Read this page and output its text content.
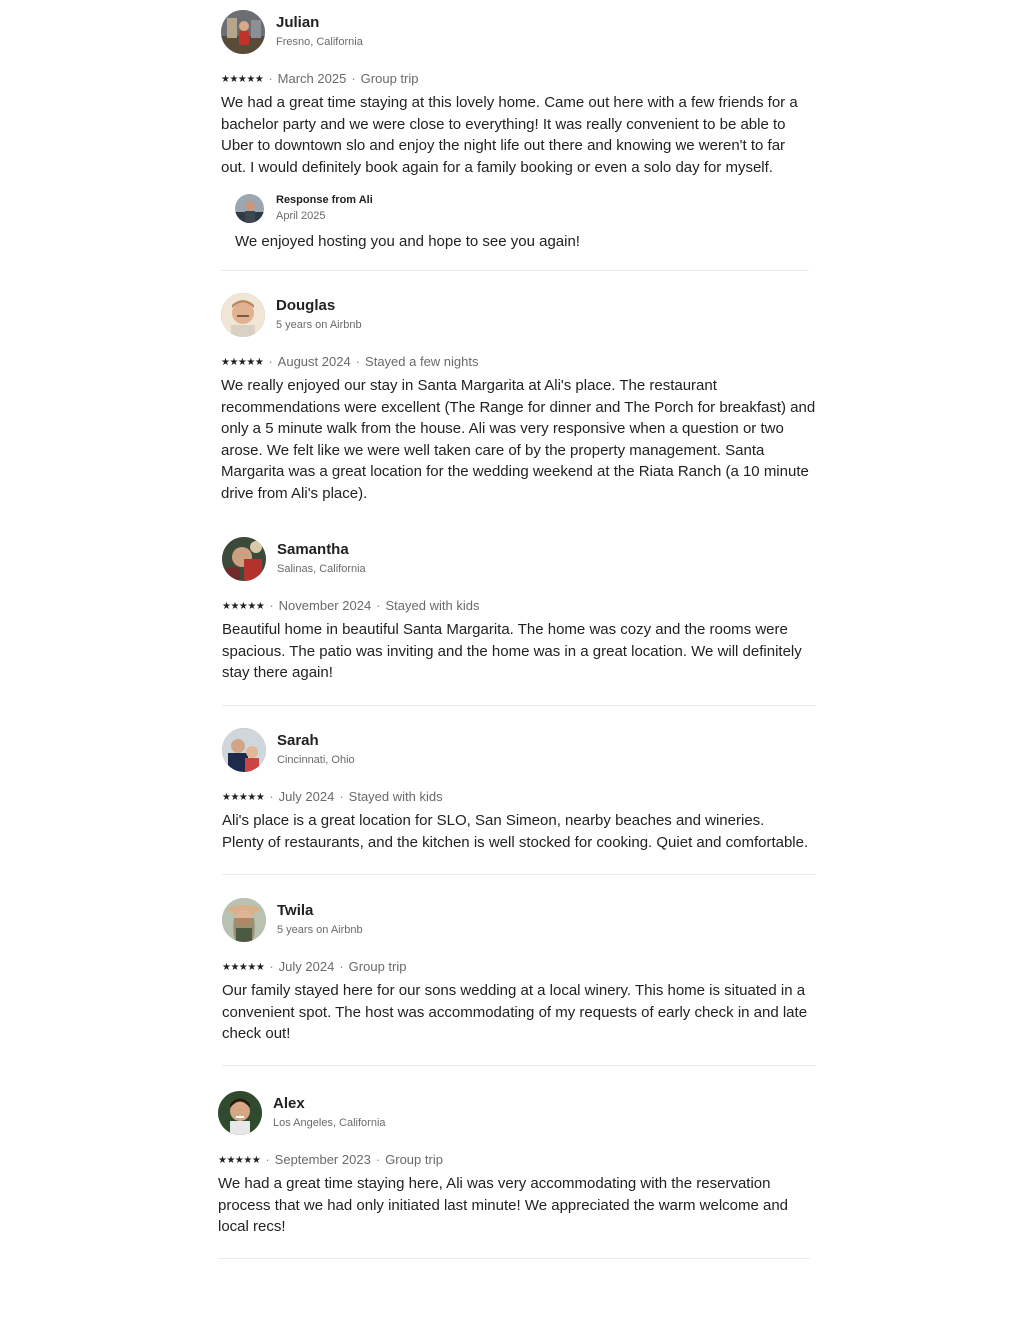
Julian
Fresno, California
★★★★★ · March 2025 · Group trip
We had a great time staying at this lovely home. Came out here with a few friends for a
bachelor party and we were close to everything! It was really convenient to be able to
Uber to downtown slo and enjoy the night life out there and knowing we weren't to far
out. I would definitely book again for a family booking or even a solo day for myself.
Response from Ali
April 2025
We enjoyed hosting you and hope to see you again!
Douglas
5 years on Airbnb
★★★★★ · August 2024 · Stayed a few nights
We really enjoyed our stay in Santa Margarita at Ali's place. The restaurant
recommendations were excellent (The Range for dinner and The Porch for breakfast) and
only a 5 minute walk from the house. Ali was very responsive when a question or two
arose. We felt like we were well taken care of by the property management. Santa
Margarita was a great location for the wedding weekend at the Riata Ranch (a 10 minute
drive from Ali's place).
Samantha
Salinas, California
★★★★★ · November 2024 · Stayed with kids
Beautiful home in beautiful Santa Margarita. The home was cozy and the rooms were
spacious. The patio was inviting and the home was in a great location. We will definitely
stay there again!
Sarah
Cincinnati, Ohio
★★★★★ · July 2024 · Stayed with kids
Ali's place is a great location for SLO, San Simeon, nearby beaches and wineries.
Plenty of restaurants, and the kitchen is well stocked for cooking. Quiet and comfortable.
Twila
5 years on Airbnb
★★★★★ · July 2024 · Group trip
Our family stayed here for our sons wedding at a local winery. This home is situated in a
convenient spot. The host was accommodating of my requests of early check in and late
check out!
Alex
Los Angeles, California
★★★★★ · September 2023 · Group trip
We had a great time staying here, Ali was very accommodating with the reservation
process that we had only initiated last minute! We appreciated the warm welcome and
local recs!
